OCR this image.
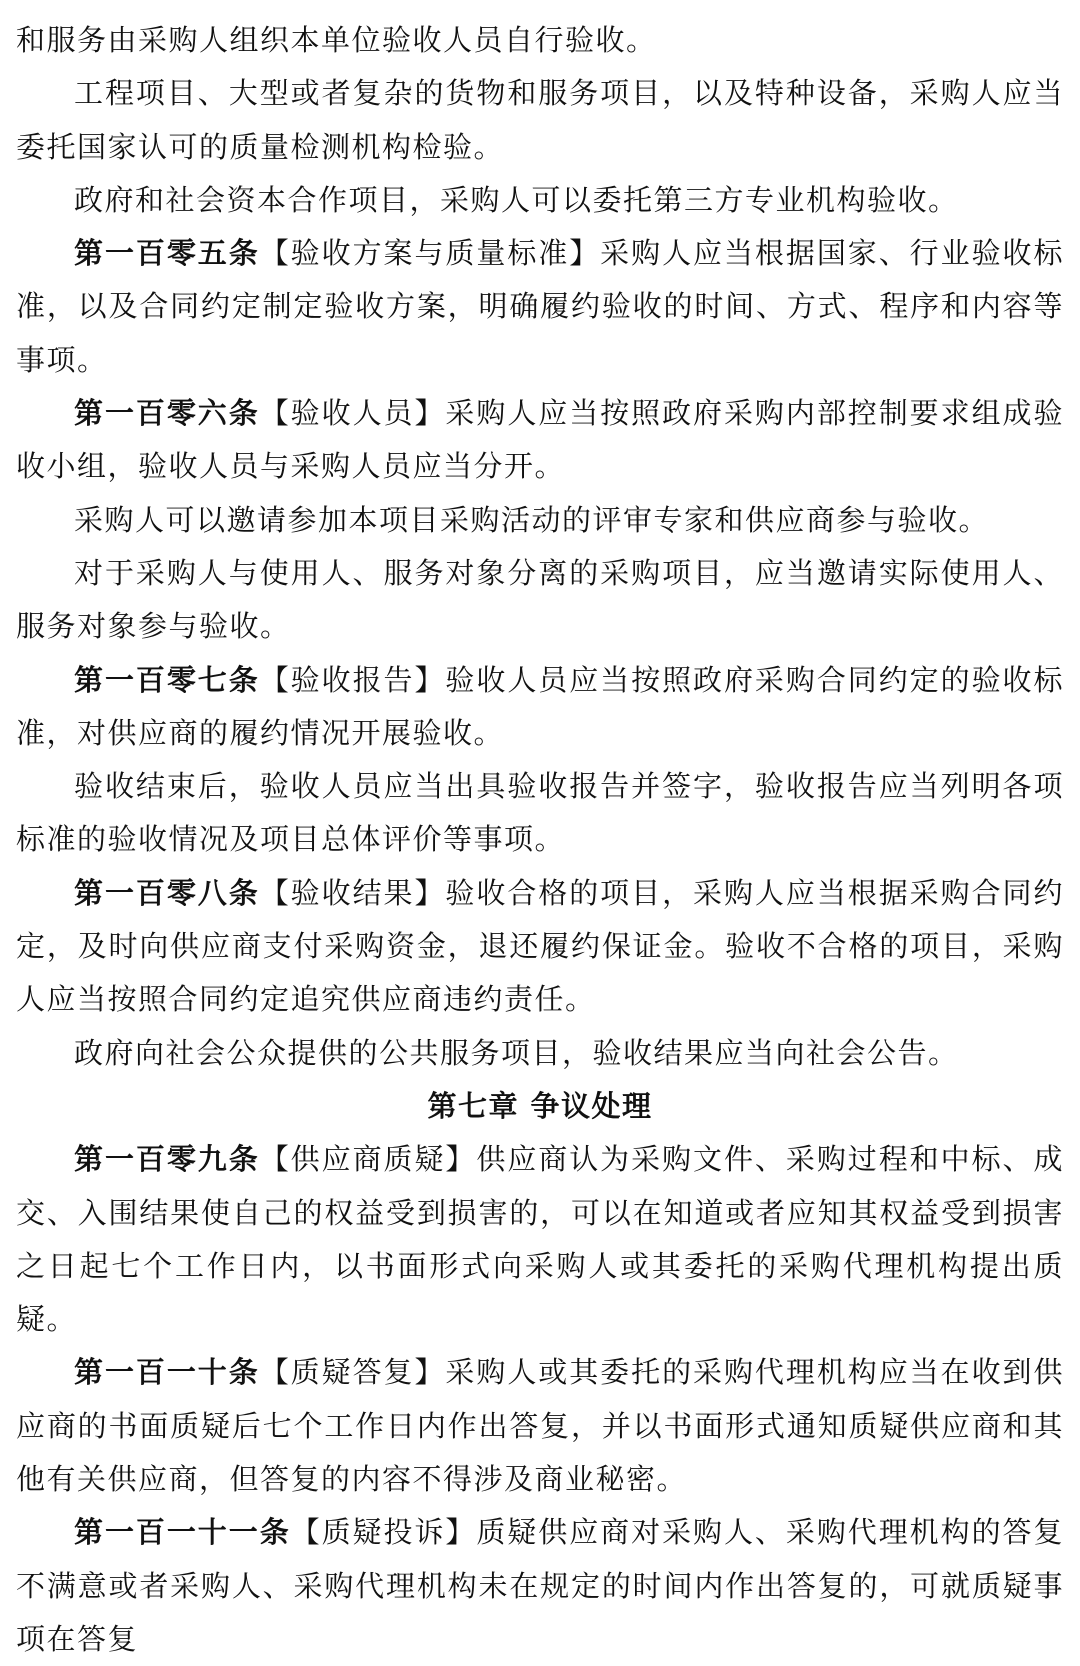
和服务由采购人组织本单位验收人员自行验收。

工程项目、大型或者复杂的货物和服务项目，以及特种设备，采购人应当委托国家认可的质量检测机构检验。

政府和社会资本合作项目，采购人可以委托第三方专业机构验收。

第一百零五条【验收方案与质量标准】采购人应当根据国家、行业验收标准，以及合同约定制定验收方案，明确履约验收的时间、方式、程序和内容等事项。

第一百零六条【验收人员】采购人应当按照政府采购内部控制要求组成验收小组，验收人员与采购人员应当分开。

采购人可以邀请参加本项目采购活动的评审专家和供应商参与验收。

对于采购人与使用人、服务对象分离的采购项目，应当邀请实际使用人、服务对象参与验收。

第一百零七条【验收报告】验收人员应当按照政府采购合同约定的验收标准，对供应商的履约情况开展验收。

验收结束后，验收人员应当出具验收报告并签字，验收报告应当列明各项标准的验收情况及项目总体评价等事项。

第一百零八条【验收结果】验收合格的项目，采购人应当根据采购合同约定，及时向供应商支付采购资金，退还履约保证金。验收不合格的项目，采购人应当按照合同约定追究供应商违约责任。

政府向社会公众提供的公共服务项目，验收结果应当向社会公告。

第七章 争议处理

第一百零九条【供应商质疑】供应商认为采购文件、采购过程和中标、成交、入围结果使自己的权益受到损害的，可以在知道或者应知其权益受到损害之日起七个工作日内，以书面形式向采购人或其委托的采购代理机构提出质疑。

第一百一十条【质疑答复】采购人或其委托的采购代理机构应当在收到供应商的书面质疑后七个工作日内作出答复，并以书面形式通知质疑供应商和其他有关供应商，但答复的内容不得涉及商业秘密。

第一百一十一条【质疑投诉】质疑供应商对采购人、采购代理机构的答复不满意或者采购人、采购代理机构未在规定的时间内作出答复的，可就质疑事项在答复
